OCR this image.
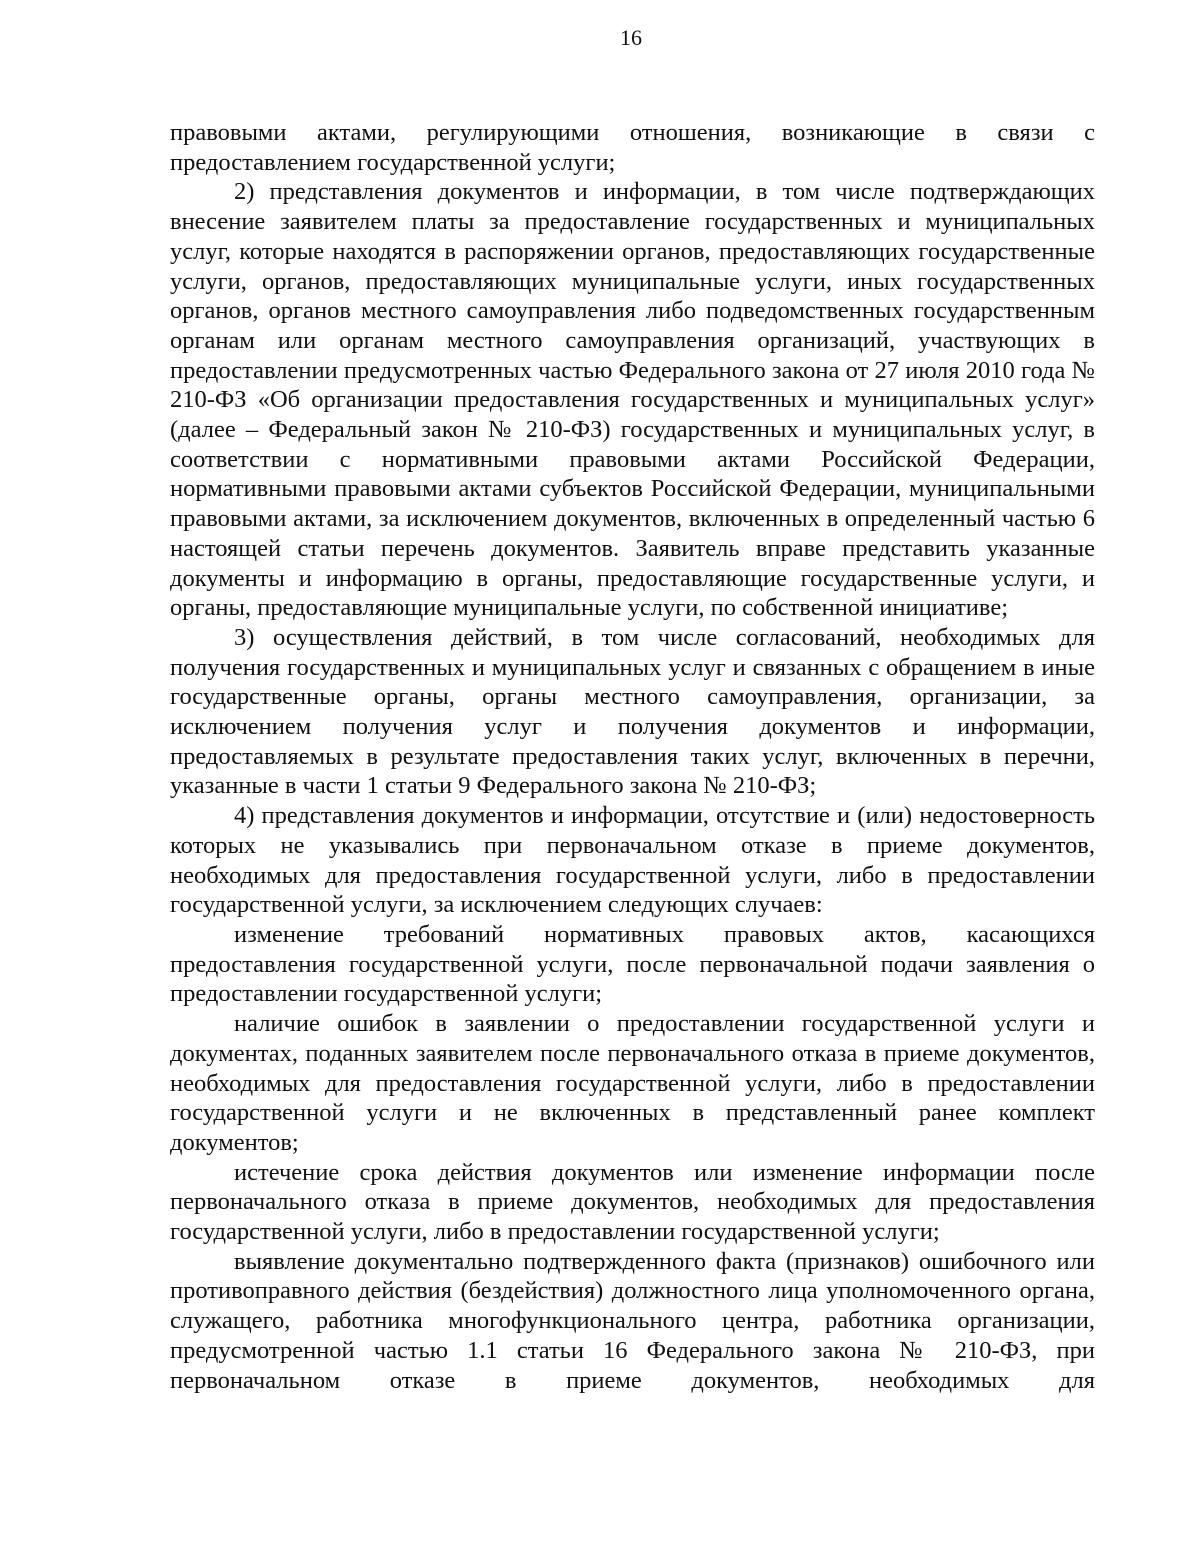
16

правовыми актами, регулирующими отношения, возникающие в связи с предоставлением государственной услуги;

2) представления документов и информации, в том числе подтверждающих внесение заявителем платы за предоставление государственных и муниципальных услуг, которые находятся в распоряжении органов, предоставляющих государственные услуги, органов, предоставляющих муниципальные услуги, иных государственных органов, органов местного самоуправления либо подведомственных государственным органам или органам местного самоуправления организаций, участвующих в предоставлении предусмотренных частью Федерального закона от 27 июля 2010 года № 210-ФЗ «Об организации предоставления государственных и муниципальных услуг» (далее – Федеральный закон № 210-ФЗ) государственных и муниципальных услуг, в соответствии с нормативными правовыми актами Российской Федерации, нормативными правовыми актами субъектов Российской Федерации, муниципальными правовыми актами, за исключением документов, включенных в определенный частью 6 настоящей статьи перечень документов. Заявитель вправе представить указанные документы и информацию в органы, предоставляющие государственные услуги, и органы, предоставляющие муниципальные услуги, по собственной инициативе;

3) осуществления действий, в том числе согласований, необходимых для получения государственных и муниципальных услуг и связанных с обращением в иные государственные органы, органы местного самоуправления, организации, за исключением получения услуг и получения документов и информации, предоставляемых в результате предоставления таких услуг, включенных в перечни, указанные в части 1 статьи 9 Федерального закона № 210-ФЗ;

4) представления документов и информации, отсутствие и (или) недостоверность которых не указывались при первоначальном отказе в приеме документов, необходимых для предоставления государственной услуги, либо в предоставлении государственной услуги, за исключением следующих случаев:

изменение требований нормативных правовых актов, касающихся предоставления государственной услуги, после первоначальной подачи заявления о предоставлении государственной услуги;

наличие ошибок в заявлении о предоставлении государственной услуги и документах, поданных заявителем после первоначального отказа в приеме документов, необходимых для предоставления государственной услуги, либо в предоставлении государственной услуги и не включенных в представленный ранее комплект документов;

истечение срока действия документов или изменение информации после первоначального отказа в приеме документов, необходимых для предоставления государственной услуги, либо в предоставлении государственной услуги;

выявление документально подтвержденного факта (признаков) ошибочного или противоправного действия (бездействия) должностного лица уполномоченного органа, служащего, работника многофункционального центра, работника организации, предусмотренной частью 1.1 статьи 16 Федерального закона № 210-ФЗ, при первоначальном отказе в приеме документов, необходимых для
